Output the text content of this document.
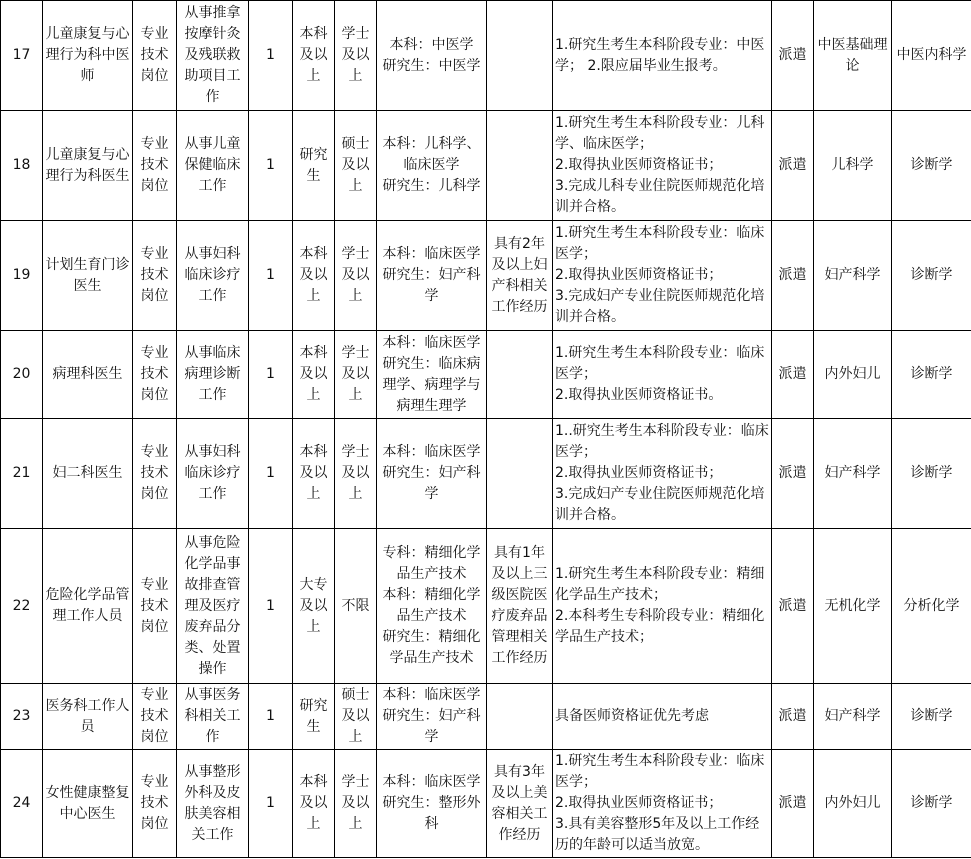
17	儿童康复与心理行为科中医师	专业技术岗位	从事推拿按摩针灸及残联救助项目工作	1	本科及以上	学士及以上	本科：中医学
研究生：中医学		1.研究生考生本科阶段专业：中医学； 2.限应届毕业生报考。	派遣	中医基础理论	中医内科学
18	儿童康复与心理行为科医生	专业技术岗位	从事儿童保健临床工作	1	研究生	硕士及以上	本科：儿科学、临床医学
研究生：儿科学		1.研究生考生本科阶段专业：儿科学、临床医学；
2.取得执业医师资格证书；
3.完成儿科专业住院医师规范化培训并合格。	派遣	儿科学	诊断学
19	计划生育门诊医生	专业技术岗位	从事妇科临床诊疗工作	1	本科及以上	学士及以上	本科：临床医学
研究生：妇产科学	具有2年及以上妇产科相关工作经历	1.研究生考生本科阶段专业：临床医学；
2.取得执业医师资格证书；
3.完成妇产专业住院医师规范化培训并合格。	派遣	妇产科学	诊断学
20	病理科医生	专业技术岗位	从事临床病理诊断工作	1	本科及以上	学士及以上	本科：临床医学
研究生：临床病理学、病理学与病理生理学		1.研究生考生本科阶段专业：临床医学；
2.取得执业医师资格证书。	派遣	内外妇儿	诊断学
21	妇二科医生	专业技术岗位	从事妇科临床诊疗工作	1	本科及以上	学士及以上	本科：临床医学
研究生：妇产科学		1..研究生考生本科阶段专业：临床医学；
2.取得执业医师资格证书；
3.完成妇产专业住院医师规范化培训并合格。	派遣	妇产科学	诊断学
22	危险化学品管理工作人员	专业技术岗位	从事危险化学品事故排查管理及医疗废弃品分类、处置操作	1	大专及以上	不限	专科：精细化学品生产技术
本科：精细化学品生产技术
研究生：精细化学品生产技术	具有1年及以上三级医院医疗废弃品管理相关工作经历	1.研究生考生本科阶段专业：精细化学品生产技术；
2.本科考生专科阶段专业：精细化学品生产技术；	派遣	无机化学	分析化学
23	医务科工作人员	专业技术岗位	从事医务科相关工作	1	研究生	硕士及以上	本科：临床医学
研究生：妇产科学		具备医师资格证优先考虑	派遣	妇产科学	诊断学
24	女性健康整复中心医生	专业技术岗位	从事整形外科及皮肤美容相关工作	1	本科及以上	学士及以上	本科：临床医学
研究生：整形外科	具有3年及以上美容相关工作经历	1.研究生考生本科阶段专业：临床医学；
2.取得执业医师资格证书；
3.具有美容整形5年及以上工作经历的年龄可以适当放宽。	派遣	内外妇儿	诊断学
